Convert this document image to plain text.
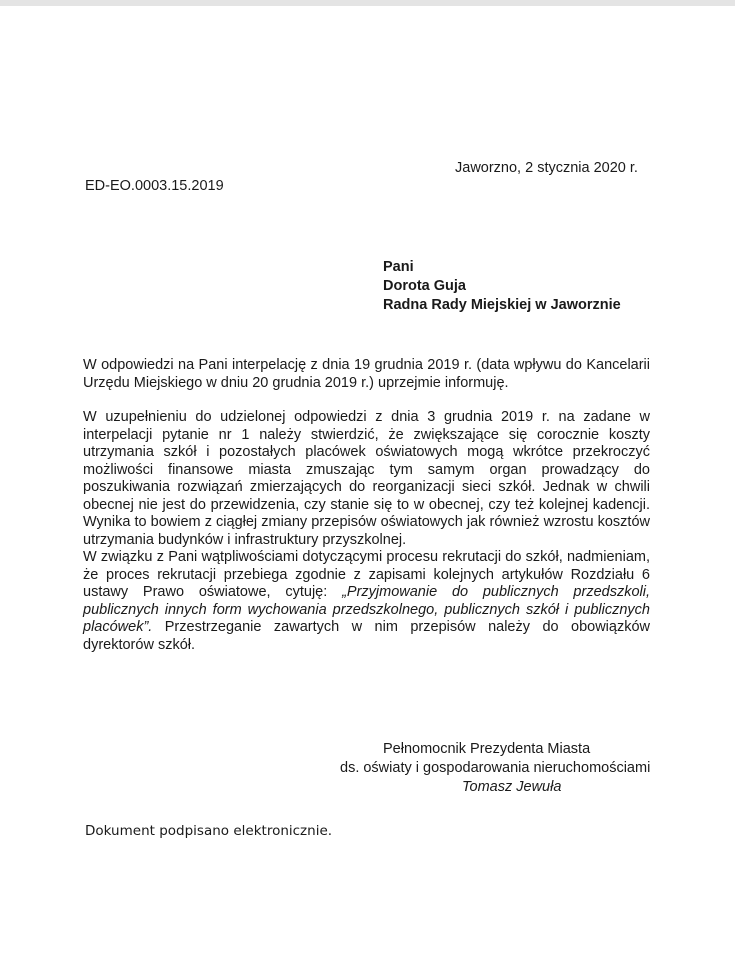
Jaworzno, 2 stycznia 2020 r.
ED-EO.0003.15.2019
Pani
Dorota Guja
Radna Rady Miejskiej w Jaworznie

W odpowiedzi na Pani interpelację z dnia 19 grudnia 2019 r. (data wpływu do Kancelarii Urzędu Miejskiego w dniu 20 grudnia 2019 r.) uprzejmie informuję.

W uzupełnieniu do udzielonej odpowiedzi z dnia 3 grudnia 2019 r. na zadane w interpelacji pytanie nr 1 należy stwierdzić, że zwiększające się corocznie koszty utrzymania szkół i pozostałych placówek oświatowych mogą wkrótce przekroczyć możliwości finansowe miasta zmuszając tym samym organ prowadzący do poszukiwania rozwiązań zmierzających do reorganizacji sieci szkół. Jednak w chwili obecnej nie jest do przewidzenia, czy stanie się to w obecnej, czy też kolejnej kadencji. Wynika to bowiem z ciągłej zmiany przepisów oświatowych jak również wzrostu kosztów utrzymania budynków i infrastruktury przyszkolnej.

W związku z Pani wątpliwościami dotyczącymi procesu rekrutacji do szkół, nadmieniam, że proces rekrutacji przebiega zgodnie z zapisami kolejnych artykułów Rozdziału 6 ustawy Prawo oświatowe, cytuję: „Przyjmowanie do publicznych przedszkoli, publicznych innych form wychowania przedszkolnego, publicznych szkół i publicznych placówek”. Przestrzeganie zawartych w nim przepisów należy do obowiązków dyrektorów szkół.

Pełnomocnik Prezydenta Miasta
ds. oświaty i gospodarowania nieruchomościami
Tomasz Jewuła
Dokument podpisano elektronicznie.
